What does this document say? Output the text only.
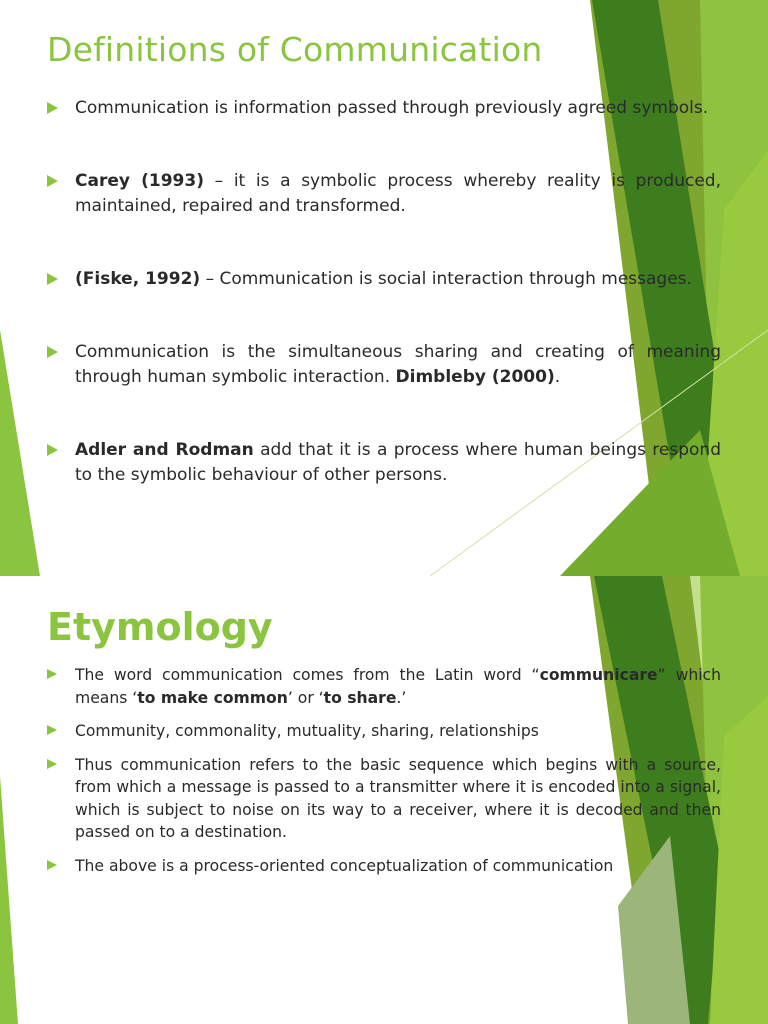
Definitions of Communication
Communication is information passed through previously agreed symbols.
Carey (1993) – it is a symbolic process whereby reality is produced, maintained, repaired and transformed.
(Fiske, 1992) – Communication is social interaction through messages.
Communication is the simultaneous sharing and creating of meaning through human symbolic interaction. Dimbleby (2000).
Adler and Rodman add that it is a process where human beings respond to the symbolic behaviour of other persons.
Etymology
The word communication comes from the Latin word “communicare” which means ‘to make common’ or ‘to share.’
Community, commonality, mutuality, sharing, relationships
Thus communication refers to the basic sequence which begins with a source, from which a message is passed to a transmitter where it is encoded into a signal, which is subject to noise on its way to a receiver, where it is decoded and then passed on to a destination.
The above is a process-oriented conceptualization of communication
